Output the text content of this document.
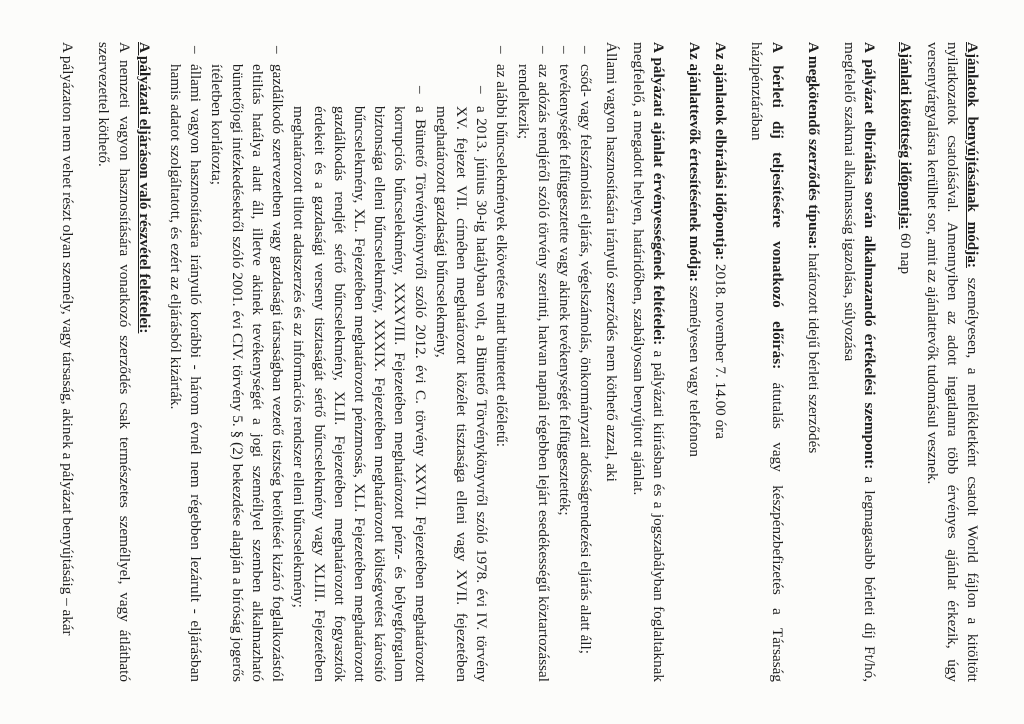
Ajánlatok benyújtásának módja: személyesen, a mellékletként csatolt World fájlon a kitöltött nyilatkozatok csatolásával. Amennyiben az adott ingatlanra több érvényes ajánlat érkezik, úgy versenytárgyalásra kerülhet sor, amit az ajánlattevők tudomásul vesznek.

Ajánlati kötöttség időpontja: 60 nap

A pályázat elbírálása során alkalmazandó értékelési szempont: a legmagasabb bérleti díj Ft/hó, megfelelő szakmai alkalmasság igazolása, súlyozása

A megkötendő szerződés típusa: határozott idejű bérleti szerződés

A bérleti díj teljesítésére vonatkozó előírás: átutalás vagy készpénzbefizetés a Társaság házipénztárában

Az ajánlatok elbírálási időpontja: 2018. november 7. 14.00 óra

Az ajánlattevők értesítésének módja: személyesen vagy telefonon

A pályázati ajánlat érvényességének feltételei: a pályázati kiírásban és a jogszabályban foglaltaknak megfelelő, a megadott helyen, határidőben, szabályosan benyújtott ajánlat.

Állami vagyon hasznosítására irányuló szerződés nem köthető azzal, aki

– csőd- vagy felszámolási eljárás, végelszámolás, önkormányzati adósságrendezési eljárás alatt áll;
– tevékenységét felfüggesztette vagy akinek tevékenységét felfüggesztették;
– az adózás rendjéről szóló törvény szerinti, hatvan napnál régebben lejárt esedékességű köztartozással rendelkezik;
– az alábbi bűncselekmények elkövetése miatt büntetett előéletű:
– a 2013. június 30-ig hatályban volt, a Büntető Törvénykönyvről szóló 1978. évi IV. törvény XV. fejezet VII. címében meghatározott közélet tisztasága elleni vagy XVII. fejezetében meghatározott gazdasági bűncselekmény,
– a Büntető Törvénykönyvről szóló 2012. évi C. törvény XXVII. Fejezetében meghatározott korrupciós bűncselekmény, XXXVIII. Fejezetében meghatározott pénz- és bélyegforgalom biztonsága elleni bűncselekmény, XXXIX. Fejezetében meghatározott költségvetést károsító bűncselekmény, XL. Fejezetében meghatározott pénzmosás, XLI. Fejezetében meghatározott gazdálkodás rendjét sértő bűncselekmény, XLII. Fejezetében meghatározott fogyasztók érdekeit és a gazdasági verseny tisztaságát sértő bűncselekmény vagy XLIII. Fejezetében meghatározott tiltott adatszerzés és az információs rendszer elleni bűncselekmény;
– gazdálkodó szervezetben vagy gazdasági társaságban vezető tisztség betöltését kizáró foglalkozástól eltiltás hatálya alatt áll, illetve akinek tevékenységét a jogi személlyel szemben alkalmazható büntetőjogi intézkedésekről szóló 2001. évi CIV. törvény 5. § (2) bekezdése alapján a bíróság jogerős ítéletben korlátozta;
– állami vagyon hasznosítására irányuló korábbi - három évnél nem régebben lezárult - eljárásban hamis adatot szolgáltatott, és ezért az eljárásból kizárták.

A pályázati eljáráson való részvétel feltételei:

A nemzeti vagyon hasznosítására vonatkozó szerződés csak természetes személlyel, vagy átlátható szervezettel köthető.

A pályázaton nem vehet részt olyan személy, vagy társaság, akinek a pályázat benyújtásáig – akár
